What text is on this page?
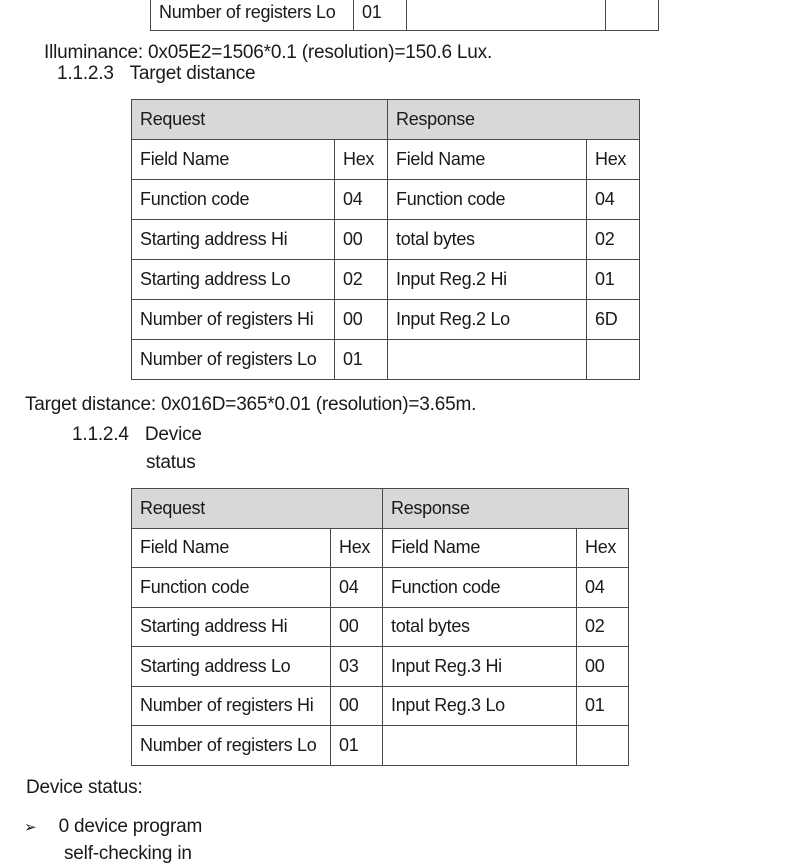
Number of registers Lo	01		
Illuminance: 0x05E2=1506*0.1 (resolution)=150.6 Lux.
1.1.2.3 Target distance
Request		Response	
Field Name	Hex	Field Name	Hex
Function code	04	Function code	04
Starting address Hi	00	total bytes	02
Starting address Lo	02	Input Reg.2 Hi	01
Number of registers Hi	00	Input Reg.2 Lo	6D
Number of registers Lo	01		
Target distance: 0x016D=365*0.01 (resolution)=3.65m.
1.1.2.4 Device
status
Request		Response	
Field Name	Hex	Field Name	Hex
Function code	04	Function code	04
Starting address Hi	00	total bytes	02
Starting address Lo	03	Input Reg.3 Hi	00
Number of registers Hi	00	Input Reg.3 Lo	01
Number of registers Lo	01		
Device status:
➢ 0 device program
self-checking in
